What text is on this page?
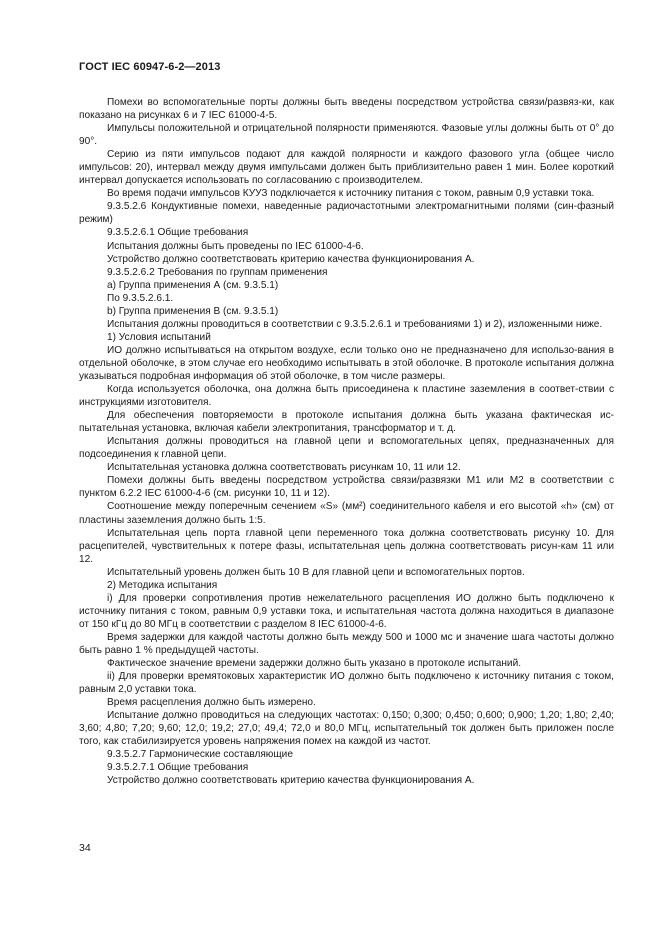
ГОСТ IEC 60947-6-2—2013

Помехи во вспомогательные порты должны быть введены посредством устройства связи/развяз-ки, как показано на рисунках 6 и 7 IEC 61000-4-5.

Импульсы положительной и отрицательной полярности применяются. Фазовые углы должны быть от 0° до 90°.

Серию из пяти импульсов подают для каждой полярности и каждого фазового угла (общее число импульсов: 20), интервал между двумя импульсами должен быть приблизительно равен 1 мин. Более короткий интервал допускается использовать по согласованию с производителем.

Во время подачи импульсов КУУЗ подключается к источнику питания с током, равным 0,9 уставки тока.

9.3.5.2.6 Кондуктивные помехи, наведенные радиочастотными электромагнитными полями (син-фазный режим)

9.3.5.2.6.1 Общие требования

Испытания должны быть проведены по IEC 61000-4-6.

Устройство должно соответствовать критерию качества функционирования А.

9.3.5.2.6.2 Требования по группам применения

а) Группа применения А (см. 9.3.5.1)

По 9.3.5.2.6.1.

b) Группа применения В (см. 9.3.5.1)

Испытания должны проводиться в соответствии с 9.3.5.2.6.1 и требованиями 1) и 2), изложенными ниже.

1) Условия испытаний

ИО должно испытываться на открытом воздухе, если только оно не предназначено для использо-вания в отдельной оболочке, в этом случае его необходимо испытывать в этой оболочке. В протоколе испытания должна указываться подробная информация об этой оболочке, в том числе размеры.

Когда используется оболочка, она должна быть присоединена к пластине заземления в соответ-ствии с инструкциями изготовителя.

Для обеспечения повторяемости в протоколе испытания должна быть указана фактическая ис-пытательная установка, включая кабели электропитания, трансформатор и т. д.

Испытания должны проводиться на главной цепи и вспомогательных цепях, предназначенных для подсоединения к главной цепи.

Испытательная установка должна соответствовать рисункам 10, 11 или 12.

Помехи должны быть введены посредством устройства связи/развязки М1 или М2 в соответствии с пунктом 6.2.2 IEC 61000-4-6 (см. рисунки 10, 11 и 12).

Соотношение между поперечным сечением «S» (мм²) соединительного кабеля и его высотой «h» (см) от пластины заземления должно быть 1:5.

Испытательная цепь порта главной цепи переменного тока должна соответствовать рисунку 10. Для расцепителей, чувствительных к потере фазы, испытательная цепь должна соответствовать рисун-кам 11 или 12.

Испытательный уровень должен быть 10 В для главной цепи и вспомогательных портов.

2) Методика испытания

i) Для проверки сопротивления против нежелательного расцепления ИО должно быть подключено к источнику питания с током, равным 0,9 уставки тока, и испытательная частота должна находиться в диапазоне от 150 кГц до 80 МГц в соответствии с разделом 8 IEC 61000-4-6.

Время задержки для каждой частоты должно быть между 500 и 1000 мс и значение шага частоты должно быть равно 1 % предыдущей частоты.

Фактическое значение времени задержки должно быть указано в протоколе испытаний.

ii) Для проверки времятоковых характеристик ИО должно быть подключено к источнику питания с током, равным 2,0 уставки тока.

Время расцепления должно быть измерено.

Испытание должно проводиться на следующих частотах: 0,150; 0,300; 0,450; 0,600; 0,900; 1,20; 1,80; 2,40; 3,60; 4,80; 7,20; 9,60; 12,0; 19,2; 27,0; 49,4; 72,0 и 80,0 МГц, испытательный ток должен быть приложен после того, как стабилизируется уровень напряжения помех на каждой из частот.

9.3.5.2.7 Гармонические составляющие

9.3.5.2.7.1 Общие требования

Устройство должно соответствовать критерию качества функционирования А.

34
